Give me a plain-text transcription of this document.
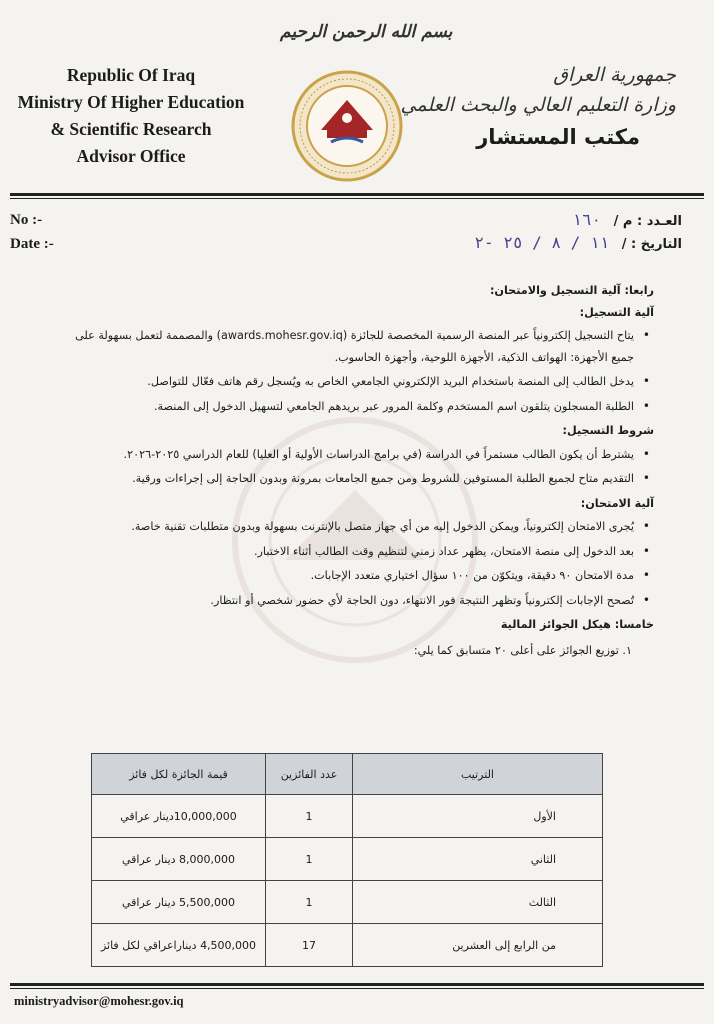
Republic Of Iraq
Ministry Of Higher Education
& Scientific Research
Advisor Office
بسم الله الرحمن الرحيم
جمهورية العراق
وزارة التعليم العالي والبحث العلمي
مكتب المستشار
No :-
Date :-
العـدد : م / ١٦٠
التاريخ : / ١١ / ٨ / ٢٥ -٢
رابعا: آلية التسجيل والامتحان:
آلية التسجيل:
• يتاح التسجيل إلكترونياً عبر المنصة الرسمية المخصصة للجائزة (awards.mohesr.gov.iq) والمصممة لتعمل بسهولة على جميع الأجهزة: الهواتف الذكية، الأجهزة اللوحية، وأجهزة الحاسوب.
• يدخل الطالب إلى المنصة باستخدام البريد الإلكتروني الجامعي الخاص به ويُسجل رقم هاتف فعّال للتواصل.
• الطلبة المسجلون يتلقون اسم المستخدم وكلمة المرور عبر بريدهم الجامعي لتسهيل الدخول إلى المنصة.
شروط التسجيل:
• يشترط أن يكون الطالب مستمراً في الدراسة (في برامج الدراسات الأولية أو العليا) للعام الدراسي ٢٠٢٥-٢٠٢٦.
• التقديم متاح لجميع الطلبة المستوفين للشروط ومن جميع الجامعات بمرونة وبدون الحاجة إلى إجراءات ورقية.
آلية الامتحان:
• يُجرى الامتحان إلكترونياً، ويمكن الدخول إليه من أي جهاز متصل بالإنترنت بسهولة وبدون متطلبات تقنية خاصة.
• بعد الدخول إلى منصة الامتحان، يظهر عداد زمني لتنظيم وقت الطالب أثناء الاختبار.
• مدة الامتحان ٩٠ دقيقة، ويتكوّن من ١٠٠ سؤال اختياري متعدد الإجابات.
• تُصحح الإجابات إلكترونياً وتظهر النتيجة فور الانتهاء، دون الحاجة لأي حضور شخصي أو انتظار.
خامسا: هيكل الجوائز المالية
١. توزيع الجوائز على أعلى ٢٠ متسابق كما يلي:
الترتيب	عدد الفائزين	قيمة الجائزة لكل فائز
الأول	1	10,000,000دينار عراقي
الثاني	1	8,000,000 دينار عراقي
الثالث	1	5,500,000 دينار عراقي
من الرابع إلى العشرين	17	4,500,000 ديناراعراقي لكل فائز
ministryadvisor@mohesr.gov.iq
